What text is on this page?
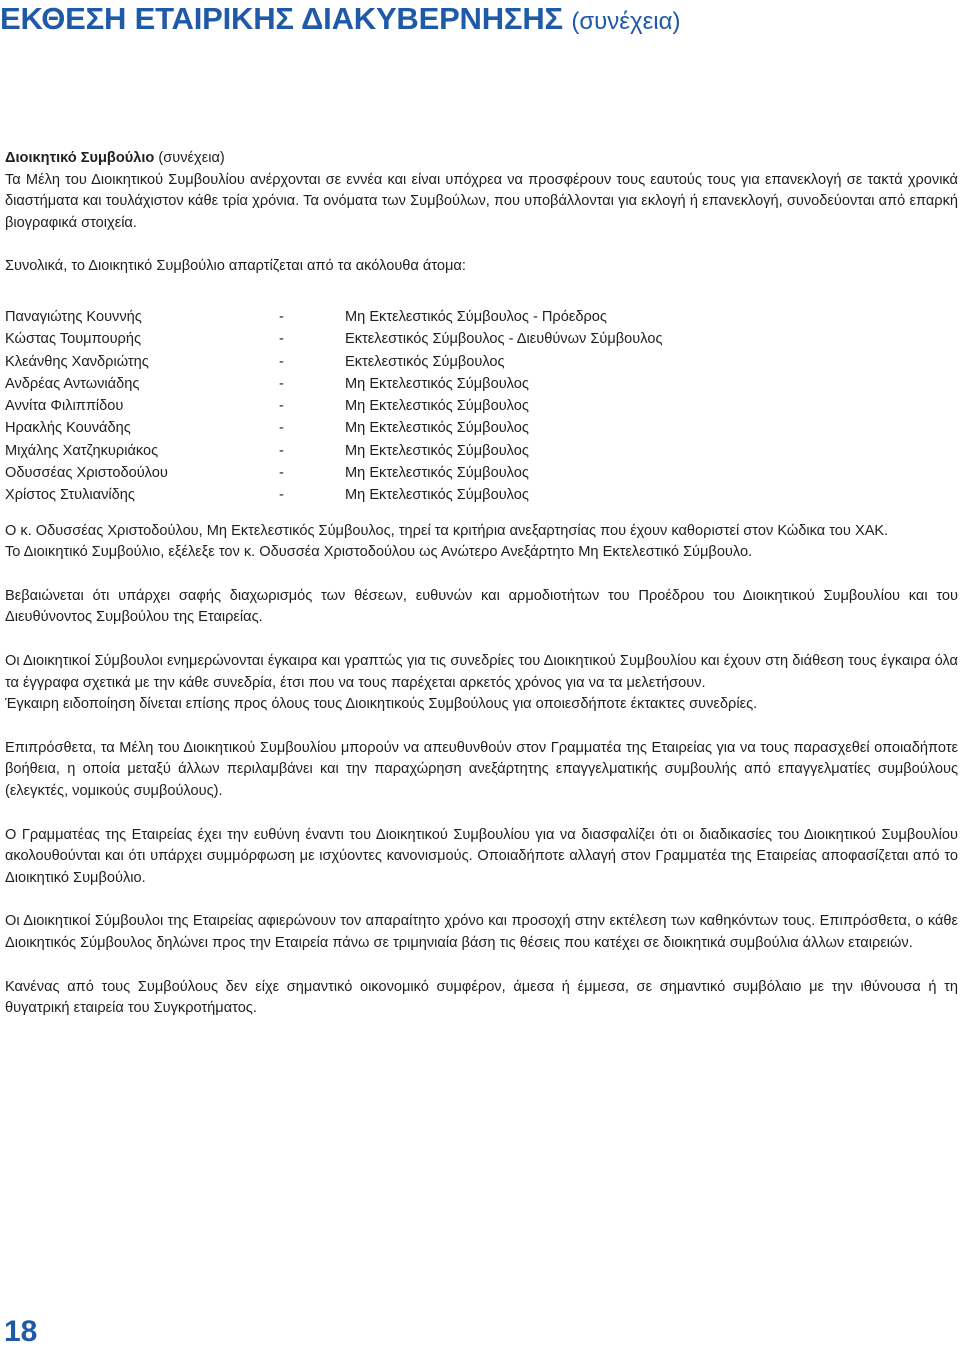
ΕΚΘΕΣΗ ΕΤΑΙΡΙΚΗΣ ΔΙΑΚΥΒΕΡΝΗΣΗΣ (συνέχεια)
Διοικητικό Συμβούλιο (συνέχεια)

Τα Μέλη του Διοικητικού Συμβουλίου ανέρχονται σε εννέα και είναι υπόχρεα να προσφέρουν τους εαυτούς τους για επανεκλογή σε τακτά χρονικά διαστήματα και τουλάχιστον κάθε τρία χρόνια. Τα ονόματα των Συμβούλων, που υποβάλλονται για εκλογή ή επανεκλογή, συνοδεύονται από επαρκή βιογραφικά στοιχεία.

Συνολικά, το Διοικητικό Συμβούλιο απαρτίζεται από τα ακόλουθα άτομα:

Παναγιώτης Κουννής	-	Μη Εκτελεστικός Σύμβουλος - Πρόεδρος
Κώστας Τουμπουρής	-	Εκτελεστικός Σύμβουλος - Διευθύνων Σύμβουλος
Κλεάνθης Χανδριώτης	-	Εκτελεστικός Σύμβουλος
Ανδρέας Αντωνιάδης	-	Μη Εκτελεστικός Σύμβουλος
Αννίτα Φιλιππίδου	-	Μη Εκτελεστικός Σύμβουλος
Ηρακλής Κουνάδης	-	Μη Εκτελεστικός Σύμβουλος
Μιχάλης Χατζηκυριάκος	-	Μη Εκτελεστικός Σύμβουλος
Οδυσσέας Χριστοδούλου	-	Μη Εκτελεστικός Σύμβουλος
Χρίστος Στυλιανίδης	-	Μη Εκτελεστικός Σύμβουλος

Ο κ. Οδυσσέας Χριστοδούλου, Μη Εκτελεστικός Σύμβουλος, τηρεί τα κριτήρια ανεξαρτησίας που έχουν καθοριστεί στον Κώδικα του ΧΑΚ.

Το Διοικητικό Συμβούλιο, εξέλεξε τον κ. Οδυσσέα Χριστοδούλου ως Ανώτερο Ανεξάρτητο Μη Εκτελεστικό Σύμβουλο.

Βεβαιώνεται ότι υπάρχει σαφής διαχωρισμός των θέσεων, ευθυνών και αρμοδιοτήτων του Προέδρου του Διοικητικού Συμβουλίου και του Διευθύνοντος Συμβούλου της Εταιρείας.

Οι Διοικητικοί Σύμβουλοι ενημερώνονται έγκαιρα και γραπτώς για τις συνεδρίες του Διοικητικού Συμβουλίου και έχουν στη διάθεση τους έγκαιρα όλα τα έγγραφα σχετικά με την κάθε συνεδρία, έτσι που να τους παρέχεται αρκετός χρόνος για να τα μελετήσουν.

Έγκαιρη ειδοποίηση δίνεται επίσης προς όλους τους Διοικητικούς Συμβούλους για οποιεσδήποτε έκτακτες συνεδρίες.

Επιπρόσθετα, τα Μέλη του Διοικητικού Συμβουλίου μπορούν να απευθυνθούν στον Γραμματέα της Εταιρείας για να τους παρασχεθεί οποιαδήποτε βοήθεια, η οποία μεταξύ άλλων περιλαμβάνει και την παραχώρηση ανεξάρτητης επαγγελματικής συμβουλής από επαγγελματίες συμβούλους (ελεγκτές, νομικούς συμβούλους).

Ο Γραμματέας της Εταιρείας έχει την ευθύνη έναντι του Διοικητικού Συμβουλίου για να διασφαλίζει ότι οι διαδικασίες του Διοικητικού Συμβουλίου ακολουθούνται και ότι υπάρχει συμμόρφωση με ισχύοντες κανονισμούς. Οποιαδήποτε αλλαγή στον Γραμματέα της Εταιρείας αποφασίζεται από το Διοικητικό Συμβούλιο.

Οι Διοικητικοί Σύμβουλοι της Εταιρείας αφιερώνουν τον απαραίτητο χρόνο και προσοχή στην εκτέλεση των καθηκόντων τους. Επιπρόσθετα, ο κάθε Διοικητικός Σύμβουλος δηλώνει προς την Εταιρεία πάνω σε τριμηνιαία βάση τις θέσεις που κατέχει σε διοικητικά συμβούλια άλλων εταιρειών.

Κανένας από τους Συμβούλους δεν είχε σημαντικό οικονομικό συμφέρον, άμεσα ή έμμεσα, σε σημαντικό συμβόλαιο με την ιθύνουσα ή τη θυγατρική εταιρεία του Συγκροτήματος.

18
